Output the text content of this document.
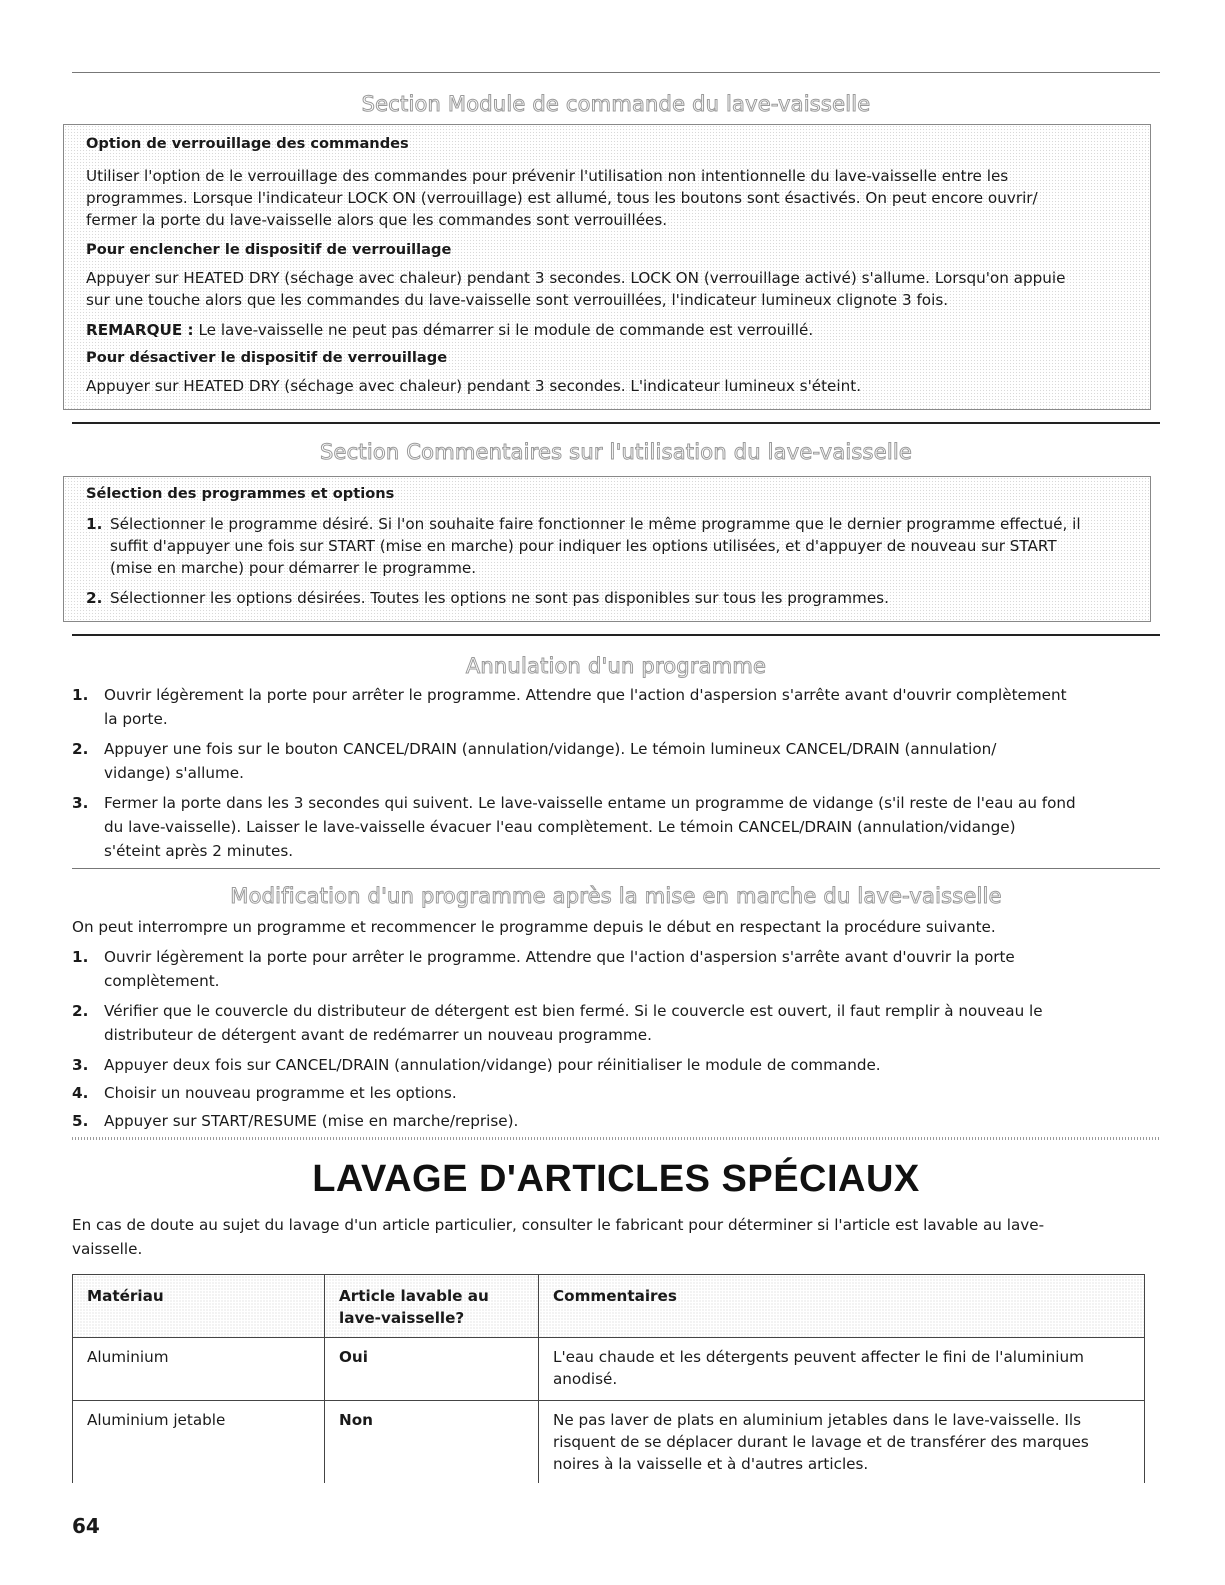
Section Module de commande du lave-vaisselle
Option de verrouillage des commandes
Utiliser l'option de le verrouillage des commandes pour prévenir l'utilisation non intentionnelle du lave-vaisselle entre les
programmes. Lorsque l'indicateur LOCK ON (verrouillage) est allumé, tous les boutons sont ésactivés. On peut encore ouvrir/
fermer la porte du lave-vaisselle alors que les commandes sont verrouillées.
Pour enclencher le dispositif de verrouillage
Appuyer sur HEATED DRY (séchage avec chaleur) pendant 3 secondes. LOCK ON (verrouillage activé) s'allume. Lorsqu'on appuie
sur une touche alors que les commandes du lave-vaisselle sont verrouillées, l'indicateur lumineux clignote 3 fois.
REMARQUE : Le lave-vaisselle ne peut pas démarrer si le module de commande est verrouillé.
Pour désactiver le dispositif de verrouillage
Appuyer sur HEATED DRY (séchage avec chaleur) pendant 3 secondes. L'indicateur lumineux s'éteint.
Section Commentaires sur l'utilisation du lave-vaisselle
Sélection des programmes et options
1. Sélectionner le programme désiré. Si l'on souhaite faire fonctionner le même programme que le dernier programme effectué, il
suffit d'appuyer une fois sur START (mise en marche) pour indiquer les options utilisées, et d'appuyer de nouveau sur START
(mise en marche) pour démarrer le programme.
2. Sélectionner les options désirées. Toutes les options ne sont pas disponibles sur tous les programmes.
Annulation d'un programme
1. Ouvrir légèrement la porte pour arrêter le programme. Attendre que l'action d'aspersion s'arrête avant d'ouvrir complètement
la porte.
2. Appuyer une fois sur le bouton CANCEL/DRAIN (annulation/vidange). Le témoin lumineux CANCEL/DRAIN (annulation/
vidange) s'allume.
3. Fermer la porte dans les 3 secondes qui suivent. Le lave-vaisselle entame un programme de vidange (s'il reste de l'eau au fond
du lave-vaisselle). Laisser le lave-vaisselle évacuer l'eau complètement. Le témoin CANCEL/DRAIN (annulation/vidange)
s'éteint après 2 minutes.
Modification d'un programme après la mise en marche du lave-vaisselle
On peut interrompre un programme et recommencer le programme depuis le début en respectant la procédure suivante.
1. Ouvrir légèrement la porte pour arrêter le programme. Attendre que l'action d'aspersion s'arrête avant d'ouvrir la porte
complètement.
2. Vérifier que le couvercle du distributeur de détergent est bien fermé. Si le couvercle est ouvert, il faut remplir à nouveau le
distributeur de détergent avant de redémarrer un nouveau programme.
3. Appuyer deux fois sur CANCEL/DRAIN (annulation/vidange) pour réinitialiser le module de commande.
4. Choisir un nouveau programme et les options.
5. Appuyer sur START/RESUME (mise en marche/reprise).
LAVAGE D'ARTICLES SPÉCIAUX
En cas de doute au sujet du lavage d'un article particulier, consulter le fabricant pour déterminer si l'article est lavable au lave-
vaisselle.
Matériau	Article lavable au lave-vaisselle?	Commentaires
Aluminium	Oui	L'eau chaude et les détergents peuvent affecter le fini de l'aluminium anodisé.
Aluminium jetable	Non	Ne pas laver de plats en aluminium jetables dans le lave-vaisselle. Ils risquent de se déplacer durant le lavage et de transférer des marques noires à la vaisselle et à d'autres articles.
64
